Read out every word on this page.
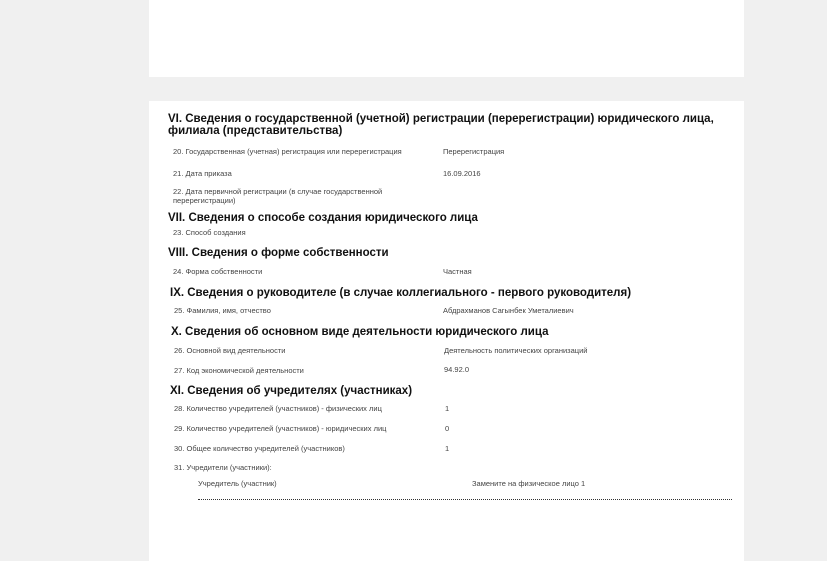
VI. Сведения о государственной (учетной) регистрации (перерегистрации) юридического лица,
филиала (представительства)
20. Государственная (учетная) регистрация или перерегистрация	Перерегистрация
21. Дата приказа	16.09.2016
22. Дата первичной регистрации (в случае государственной перерегистрации)
VII. Сведения о способе создания юридического лица
23. Способ создания
VIII. Сведения о форме собственности
24. Форма собственности	Частная
IX. Сведения о руководителе (в случае коллегиального - первого руководителя)
25. Фамилия, имя, отчество	Абдрахманов Сагынбек Уметалиевич
X. Сведения об основном виде деятельности юридического лица
26. Основной вид деятельности	Деятельность политических организаций
27. Код экономической деятельности	94.92.0
XI. Сведения об учредителях (участниках)
28. Количество учредителей (участников) - физических лиц	1
29. Количество учредителей (участников) - юридических лиц	0
30. Общее количество учредителей (участников)	1
31. Учредители (участники):
Учредитель (участник)	Замените на физическое лицо 1
